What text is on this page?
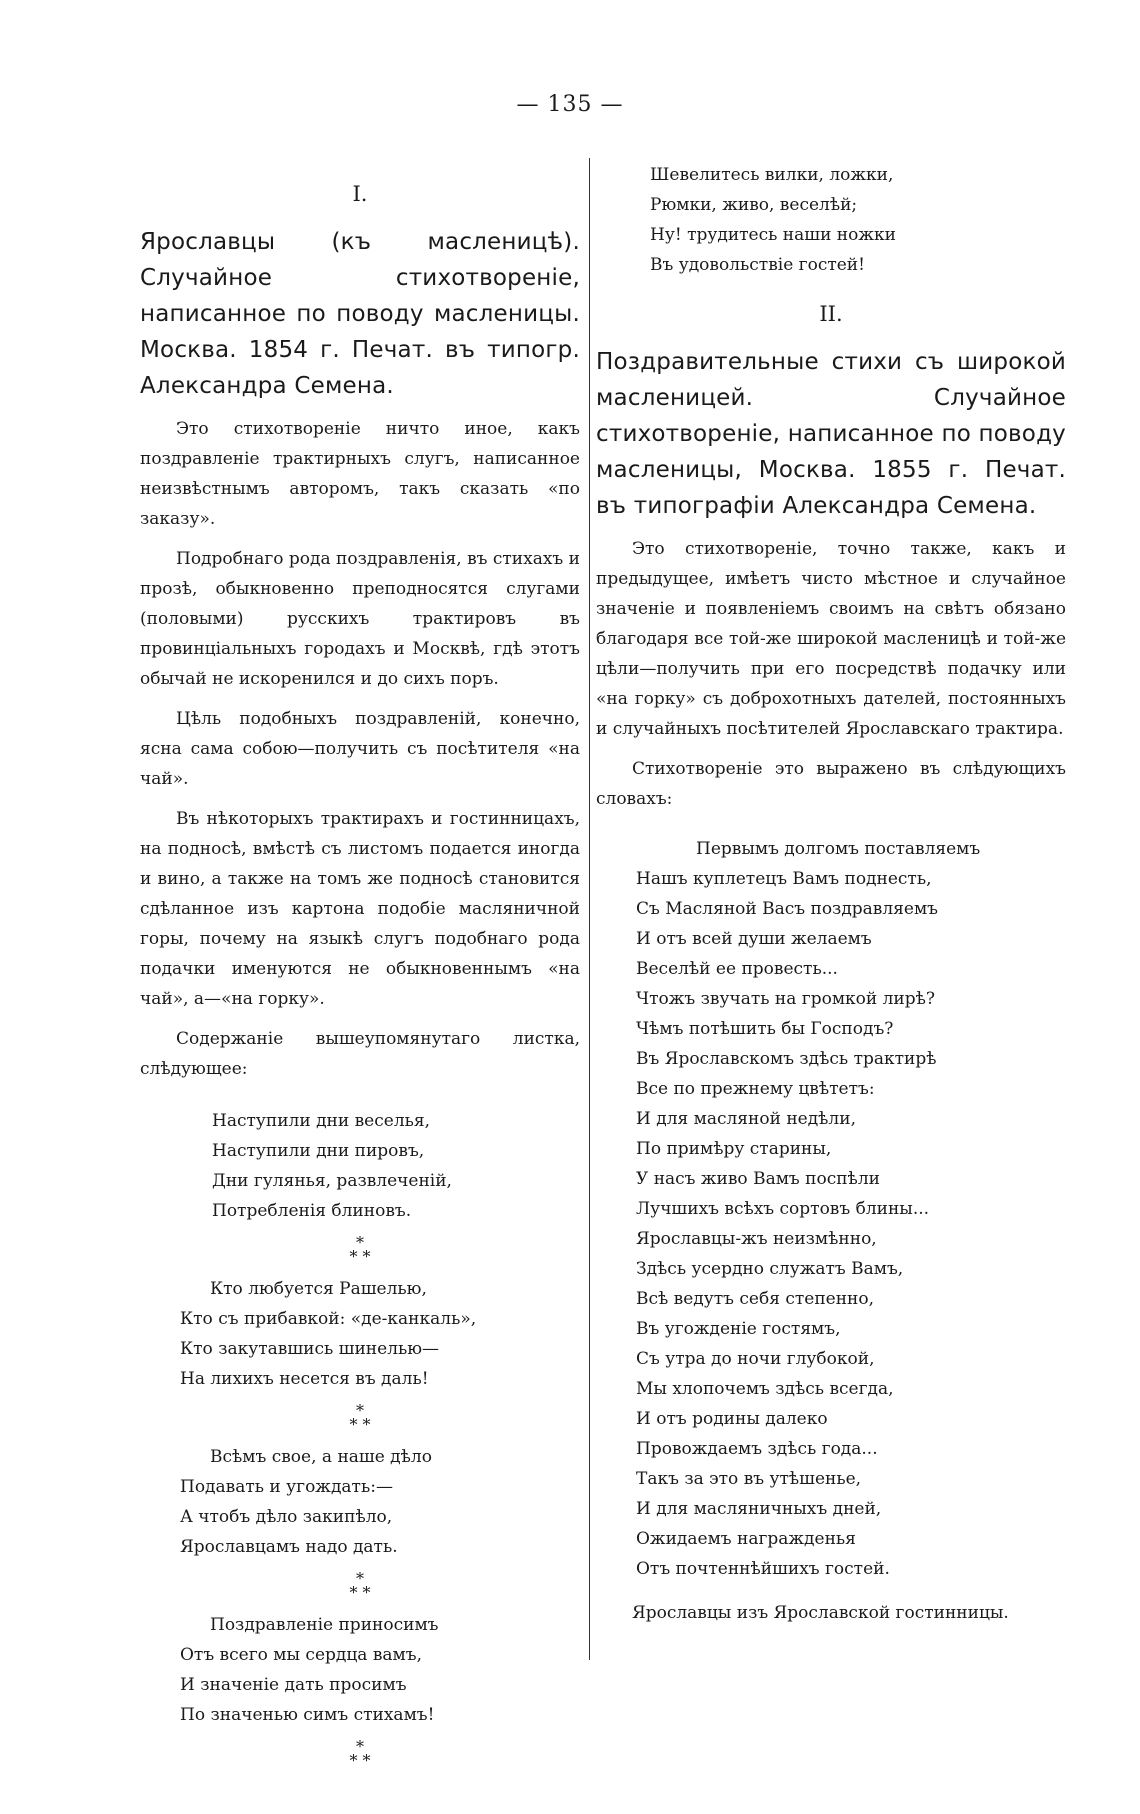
— 135 —
I.
Ярославцы (къ масленицѣ). Случайное стихотвореніе, написанное по поводу масленицы. Москва. 1854 г. Печат. въ типогр. Александра Семена.

Это стихотвореніе ничто иное, какъ поздравленіе трактирныхъ слугъ, написанное неизвѣстнымъ авторомъ, такъ сказать «по заказу».

Подробнаго рода поздравленія, въ стихахъ и прозѣ, обыкновенно преподносятся слугами (половыми) русскихъ трактировъ въ провинціальныхъ городахъ и Москвѣ, гдѣ этотъ обычай не искоренился и до сихъ поръ.

Цѣль подобныхъ поздравленій, конечно, ясна сама собою—получить съ посѣтителя «на чай».

Въ нѣкоторыхъ трактирахъ и гостинницахъ, на подносѣ, вмѣстѣ съ листомъ подается иногда и вино, а также на томъ же подносѣ становится сдѣланное изъ картона подобіе масляничной горы, почему на языкѣ слугъ подобнаго рода подачки именуются не обыкновеннымъ «на чай», а—«на горку».

Содержаніе вышеупомянутаго листка, слѣдующее:

Наступили дни веселья,
Наступили дни пировъ,
Дни гулянья, развлеченій,
Потребленія блиновъ.
*
* *
Кто любуется Рашелью,
Кто съ прибавкой: «де-канкаль»,
Кто закутавшись шинелью—
На лихихъ несется въ даль!
*
* *
Всѣмъ свое, а наше дѣло
Подавать и угождать:—
А чтобъ дѣло закипѣло,
Ярославцамъ надо дать.
*
* *
Поздравленіе приносимъ
Отъ всего мы сердца вамъ,
И значеніе дать просимъ
По значенью симъ стихамъ!
*
* *
Шевелитесь вилки, ложки,
Рюмки, живо, веселѣй;
Ну! трудитесь наши ножки
Въ удовольствіе гостей!
II.
Поздравительные стихи съ широкой масленицей. Случайное стихотвореніе, написанное по поводу масленицы, Москва. 1855 г. Печат. въ типографіи Александра Семена.

Это стихотвореніе, точно также, какъ и предыдущее, имѣетъ чисто мѣстное и случайное значеніе и появленіемъ своимъ на свѣтъ обязано благодаря все той-же широкой масленицѣ и той-же цѣли—получить при его посредствѣ подачку или «на горку» съ доброхотныхъ дателей, постоянныхъ и случайныхъ посѣтителей Ярославскаго трактира.

Стихотвореніе это выражено въ слѣдующихъ словахъ:

Первымъ долгомъ поставляемъ
Нашъ куплетецъ Вамъ поднесть,
Съ Масляной Васъ поздравляемъ
И отъ всей души желаемъ
Веселѣй ее провесть...
Чтожъ звучать на громкой лирѣ?
Чѣмъ потѣшить бы Господъ?
Въ Ярославскомъ здѣсь трактирѣ
Все по прежнему цвѣтетъ:
И для масляной недѣли,
По примѣру старины,
У насъ живо Вамъ поспѣли
Лучшихъ всѣхъ сортовъ блины...
Ярославцы-жъ неизмѣнно,
Здѣсь усердно служатъ Вамъ,
Всѣ ведутъ себя степенно,
Въ угожденіе гостямъ,
Съ утра до ночи глубокой,
Мы хлопочемъ здѣсь всегда,
И отъ родины далеко
Провождаемъ здѣсь года...
Такъ за это въ утѣшенье,
И для масляничныхъ дней,
Ожидаемъ награжденья
Отъ почтеннѣйшихъ гостей.
Ярославцы изъ Ярославской гостинницы.
